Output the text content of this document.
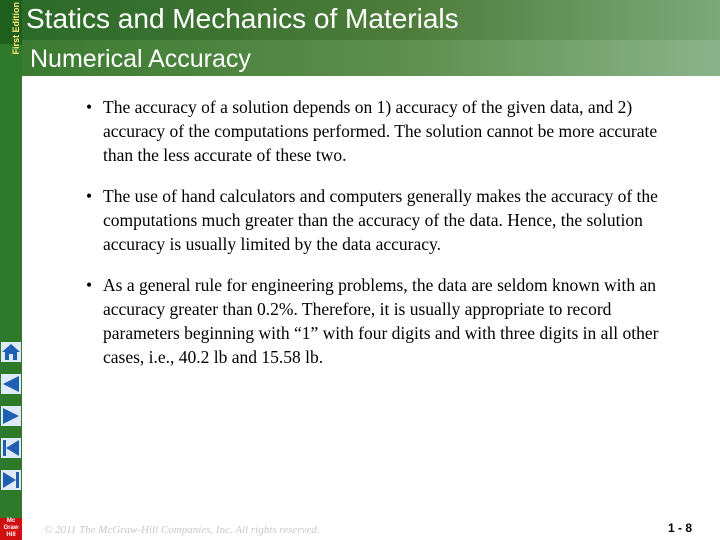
First Edition
Mc Graw Hill
Statics and Mechanics of Materials
Numerical Accuracy
• The accuracy of a solution depends on 1) accuracy of the given data, and 2) accuracy of the computations performed. The solution cannot be more accurate than the less accurate of these two.
• The use of hand calculators and computers generally makes the accuracy of the computations much greater than the accuracy of the data. Hence, the solution accuracy is usually limited by the data accuracy.
• As a general rule for engineering problems, the data are seldom known with an accuracy greater than 0.2%. Therefore, it is usually appropriate to record parameters beginning with “1” with four digits and with three digits in all other cases, i.e., 40.2 lb and 15.58 lb.
© 2011 The McGraw-Hill Companies, Inc. All rights reserved.	1 - 8
